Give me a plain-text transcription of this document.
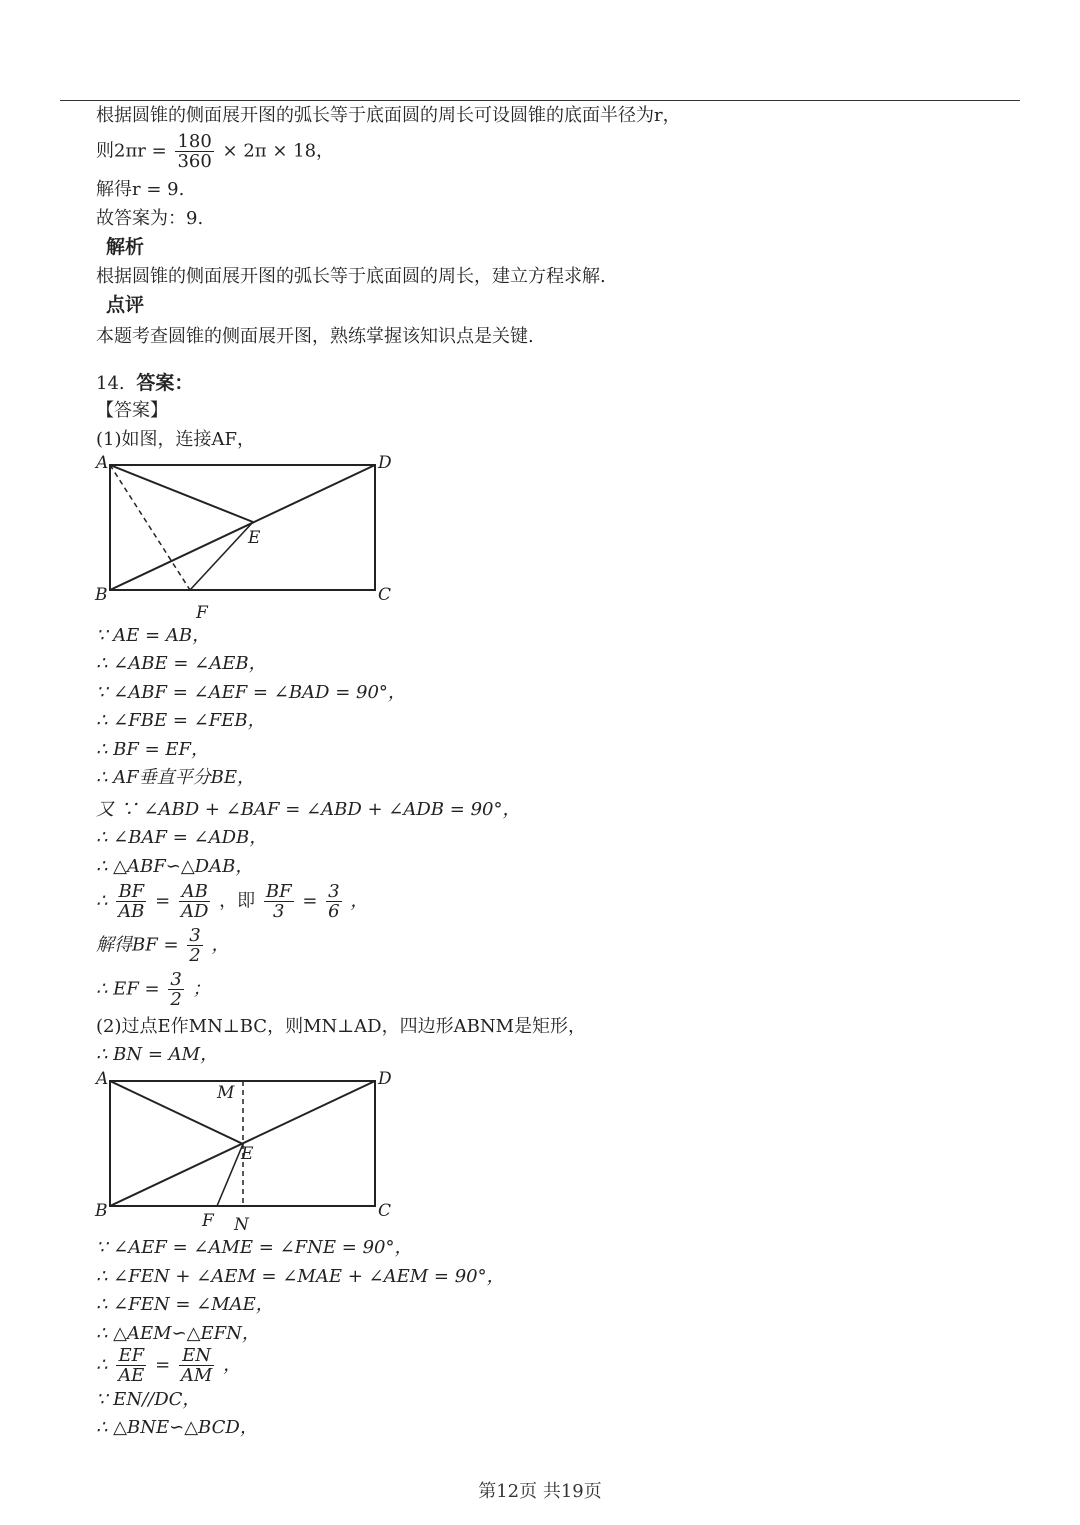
根据圆锥的侧面展开图的弧长等于底面圆的周长可设圆锥的底面半径为r，
则$2\pi r = \frac{180}{360} \times 2\pi \times 18$，
解得r = 9.
故答案为：9.
解析
根据圆锥的侧面展开图的弧长等于底面圆的周长，建立方程求解.
点评
本题考查圆锥的侧面展开图，熟练掌握该知识点是关键.
14. 答案：
【答案】
(1)如图，连接AF，
A	D
E
B	C
F
∵ AE = AB，
∴ ∠ABE = ∠AEB，
∵ ∠ABF = ∠AEF = ∠BAD = 90°，
∴ ∠FBE = ∠FEB，
∴ BF = EF，
∴ AF垂直平分BE，
又 ∵ ∠ABD + ∠BAF = ∠ABD + ∠ADB = 90°，
∴ ∠BAF = ∠ADB，
∴ △ABF∽△DAB，
∴ $\frac{BF}{AB} = \frac{AB}{AD}$ ，即 $\frac{BF}{3} = \frac{3}{6}$ ，
解得BF = $\frac{3}{2}$ ，
∴ EF = $\frac{3}{2}$ ；
(2)过点E作MN⊥BC，则MN⊥AD，四边形ABNM是矩形，
∴ BN = AM，
A	D
M
E
B	C
F N
∵ ∠AEF = ∠AME = ∠FNE = 90°，
∴ ∠FEN + ∠AEM = ∠MAE + ∠AEM = 90°，
∴ ∠FEN = ∠MAE，
∴ △AEM∽△EFN，
∴ $\frac{EF}{AE} = \frac{EN}{AM}$ ，
∵ EN//DC，
∴ △BNE∽△BCD，
第12页 共19页
